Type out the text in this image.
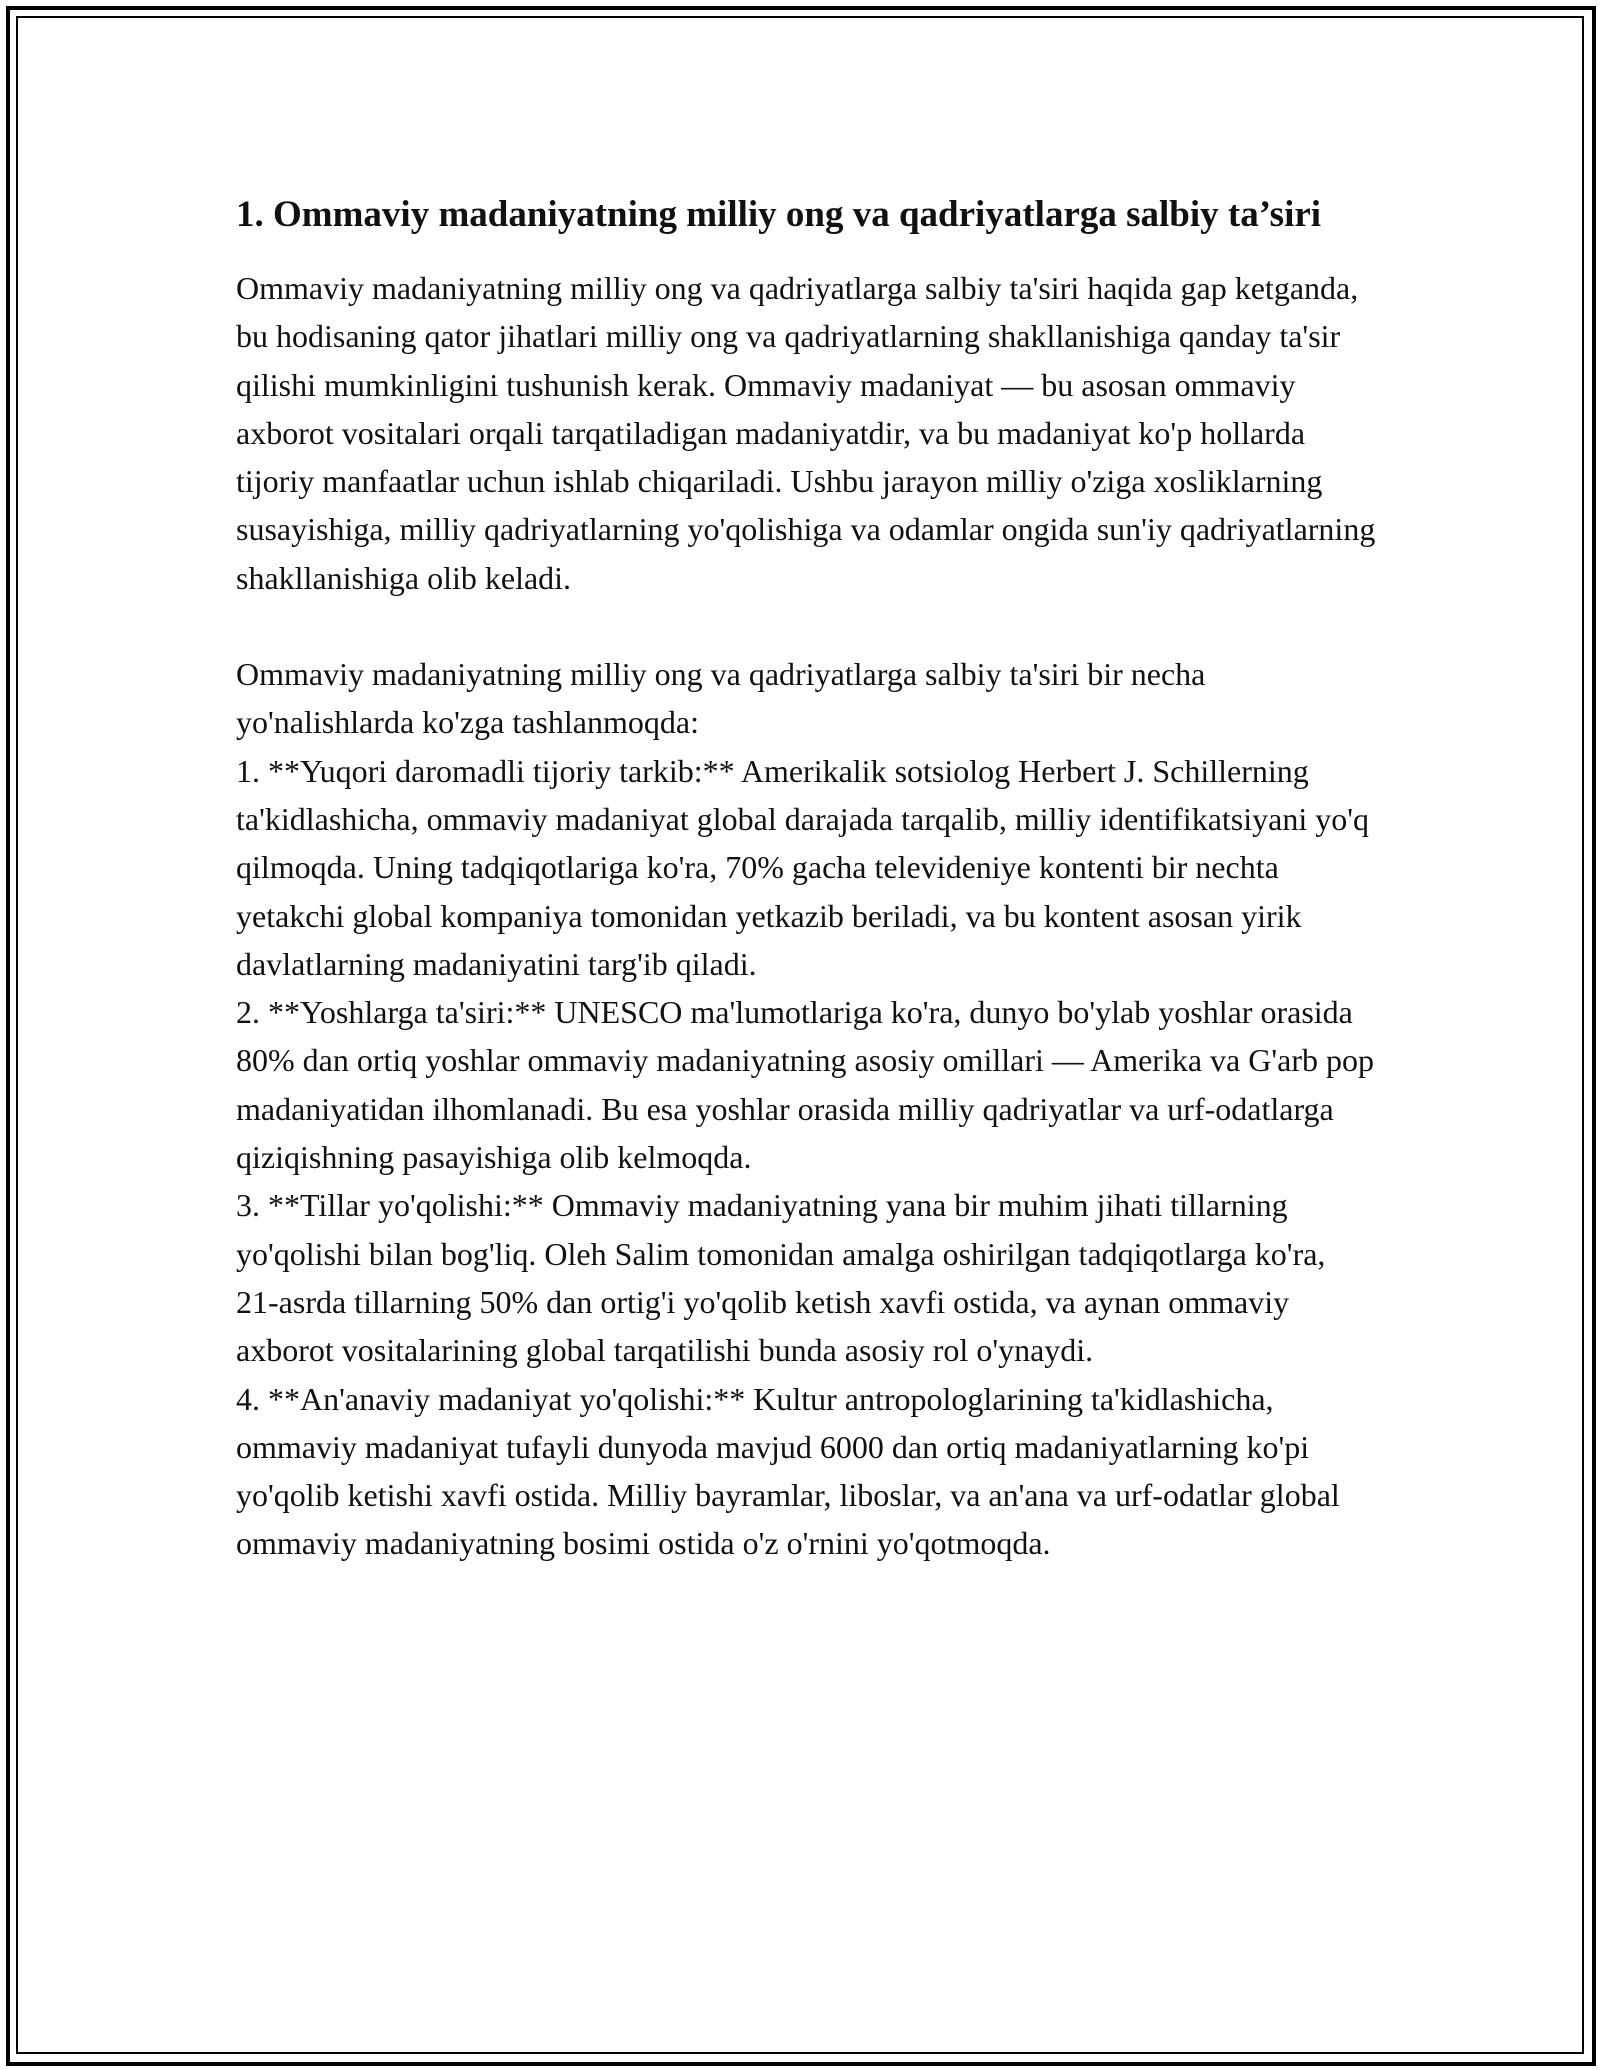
1. Ommaviy madaniyatning milliy ong va qadriyatlarga salbiy ta’siri

Ommaviy madaniyatning milliy ong va qadriyatlarga salbiy ta'siri haqida gap ketganda, bu hodisaning qator jihatlari milliy ong va qadriyatlarning shakllanishiga qanday ta'sir qilishi mumkinligini tushunish kerak. Ommaviy madaniyat — bu asosan ommaviy axborot vositalari orqali tarqatiladigan madaniyatdir, va bu madaniyat ko'p hollarda tijoriy manfaatlar uchun ishlab chiqariladi. Ushbu jarayon milliy o'ziga xosliklarning susayishiga, milliy qadriyatlarning yo'qolishiga va odamlar ongida sun'iy qadriyatlarning shakllanishiga olib keladi.

Ommaviy madaniyatning milliy ong va qadriyatlarga salbiy ta'siri bir necha yo'nalishlarda ko'zga tashlanmoqda:

1. **Yuqori daromadli tijoriy tarkib:** Amerikalik sotsiolog Herbert J. Schillerning ta'kidlashicha, ommaviy madaniyat global darajada tarqalib, milliy identifikatsiyani yo'q qilmoqda. Uning tadqiqotlariga ko'ra, 70% gacha televideniye kontenti bir nechta yetakchi global kompaniya tomonidan yetkazib beriladi, va bu kontent asosan yirik davlatlarning madaniyatini targ'ib qiladi.

2. **Yoshlarga ta'siri:** UNESCO ma'lumotlariga ko'ra, dunyo bo'ylab yoshlar orasida 80% dan ortiq yoshlar ommaviy madaniyatning asosiy omillari — Amerika va G'arb pop madaniyatidan ilhomlanadi. Bu esa yoshlar orasida milliy qadriyatlar va urf-odatlarga qiziqishning pasayishiga olib kelmoqda.

3. **Tillar yo'qolishi:** Ommaviy madaniyatning yana bir muhim jihati tillarning yo'qolishi bilan bog'liq. Oleh Salim tomonidan amalga oshirilgan tadqiqotlarga ko'ra, 21-asrda tillarning 50% dan ortig'i yo'qolib ketish xavfi ostida, va aynan ommaviy axborot vositalarining global tarqatilishi bunda asosiy rol o'ynaydi.

4. **An'anaviy madaniyat yo'qolishi:** Kultur antropologlarining ta'kidlashicha, ommaviy madaniyat tufayli dunyoda mavjud 6000 dan ortiq madaniyatlarning ko'pi yo'qolib ketishi xavfi ostida. Milliy bayramlar, liboslar, va an'ana va urf-odatlar global ommaviy madaniyatning bosimi ostida o'z o'rnini yo'qotmoqda.
